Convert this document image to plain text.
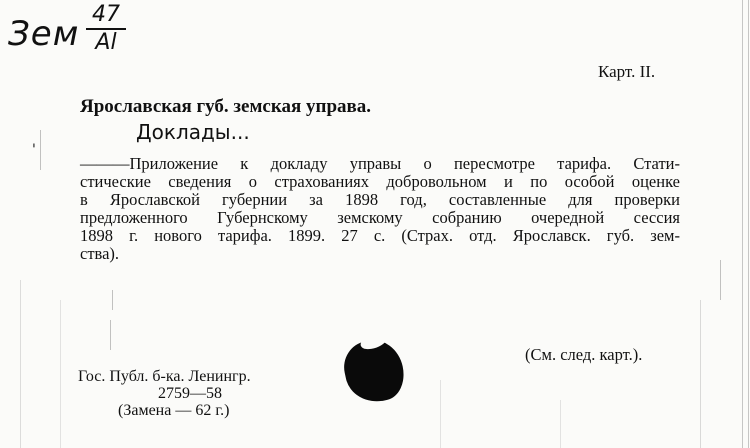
Зем 47
Al
Карт. II.
Ярославская губ. земская управа.
Доклады...
'
———Приложение к докладу управы о пересмотре тарифа. Стати-
стические сведения о страхованиях добровольном и по особой оценке
в Ярославской губернии за 1898 год, составленные для проверки
предложенного Губернскому земскому собранию очередной сессия
1898 г. нового тарифа. 1899. 27 с. (Страх. отд. Ярославск. губ. зем-
ства).
(См. след. карт.).
Гос. Публ. б-ка. Ленингр.
2759—58
(Замена — 62 г.)
